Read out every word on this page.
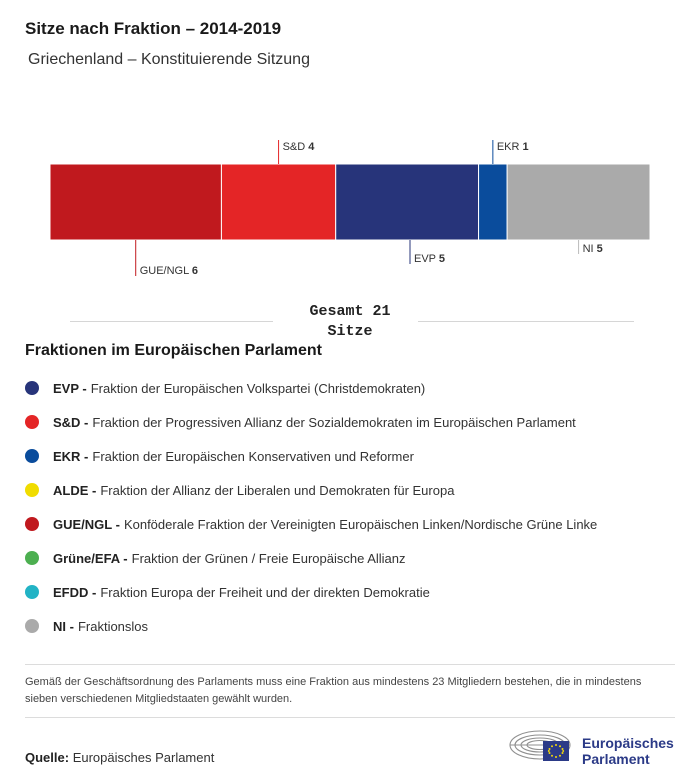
Sitze nach Fraktion – 2014-2019
Griechenland – Konstituierende Sitzung
GUE/NGL 6
S&D 4
EVP 5
EKR 1
NI 5
Gesamt 21
Sitze
Fraktionen im Europäischen Parlament
EVP - Fraktion der Europäischen Volkspartei (Christdemokraten)
S&D - Fraktion der Progressiven Allianz der Sozialdemokraten im Europäischen Parlament
EKR - Fraktion der Europäischen Konservativen und Reformer
ALDE - Fraktion der Allianz der Liberalen und Demokraten für Europa
GUE/NGL - Konföderale Fraktion der Vereinigten Europäischen Linken/Nordische Grüne Linke
Grüne/EFA - Fraktion der Grünen / Freie Europäische Allianz
EFDD - Fraktion Europa der Freiheit und der direkten Demokratie
NI - Fraktionslos
Gemäß der Geschäftsordnung des Parlaments muss eine Fraktion aus mindestens 23 Mitgliedern bestehen, die in mindestens sieben verschiedenen Mitgliedstaaten gewählt wurden.
Quelle: Europäisches Parlament
Europäisches
Parlament
